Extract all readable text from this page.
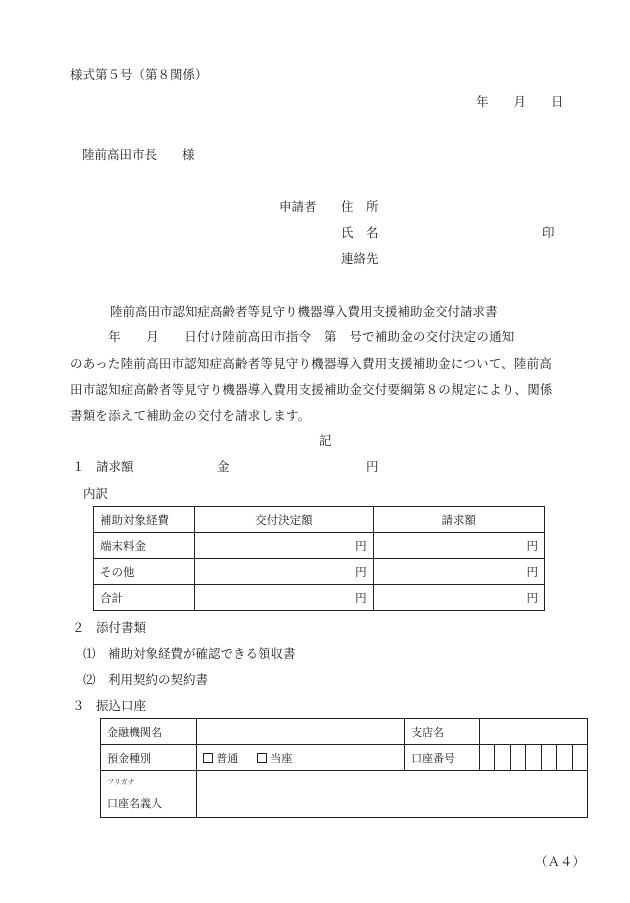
様式第５号（第８関係）
年　　月　　日
陸前高田市長　　様
申請者 住　所
氏　名	印
連絡先
陸前高田市認知症高齢者等見守り機器導入費用支援補助金交付請求書
　　　年　　月　　日付け陸前高田市指令　第　号で補助金の交付決定の通知
のあった陸前高田市認知症高齢者等見守り機器導入費用支援補助金について、陸前高
田市認知症高齢者等見守り機器導入費用支援補助金交付要綱第８の規定により、関係
書類を添えて補助金の交付を請求します。
記
１ 請求額	金	円
内訳
補助対象経費	交付決定額	請求額
端末料金	円	円
その他	円	円
合計	円	円
２ 添付書類
⑴　補助対象経費が確認できる領収書
⑵　利用契約の契約書
３ 振込口座
金融機関名		支店名							
預金種別	普通 当座	口座番号							

フリガナ
口座名義人									
（Ａ４）
